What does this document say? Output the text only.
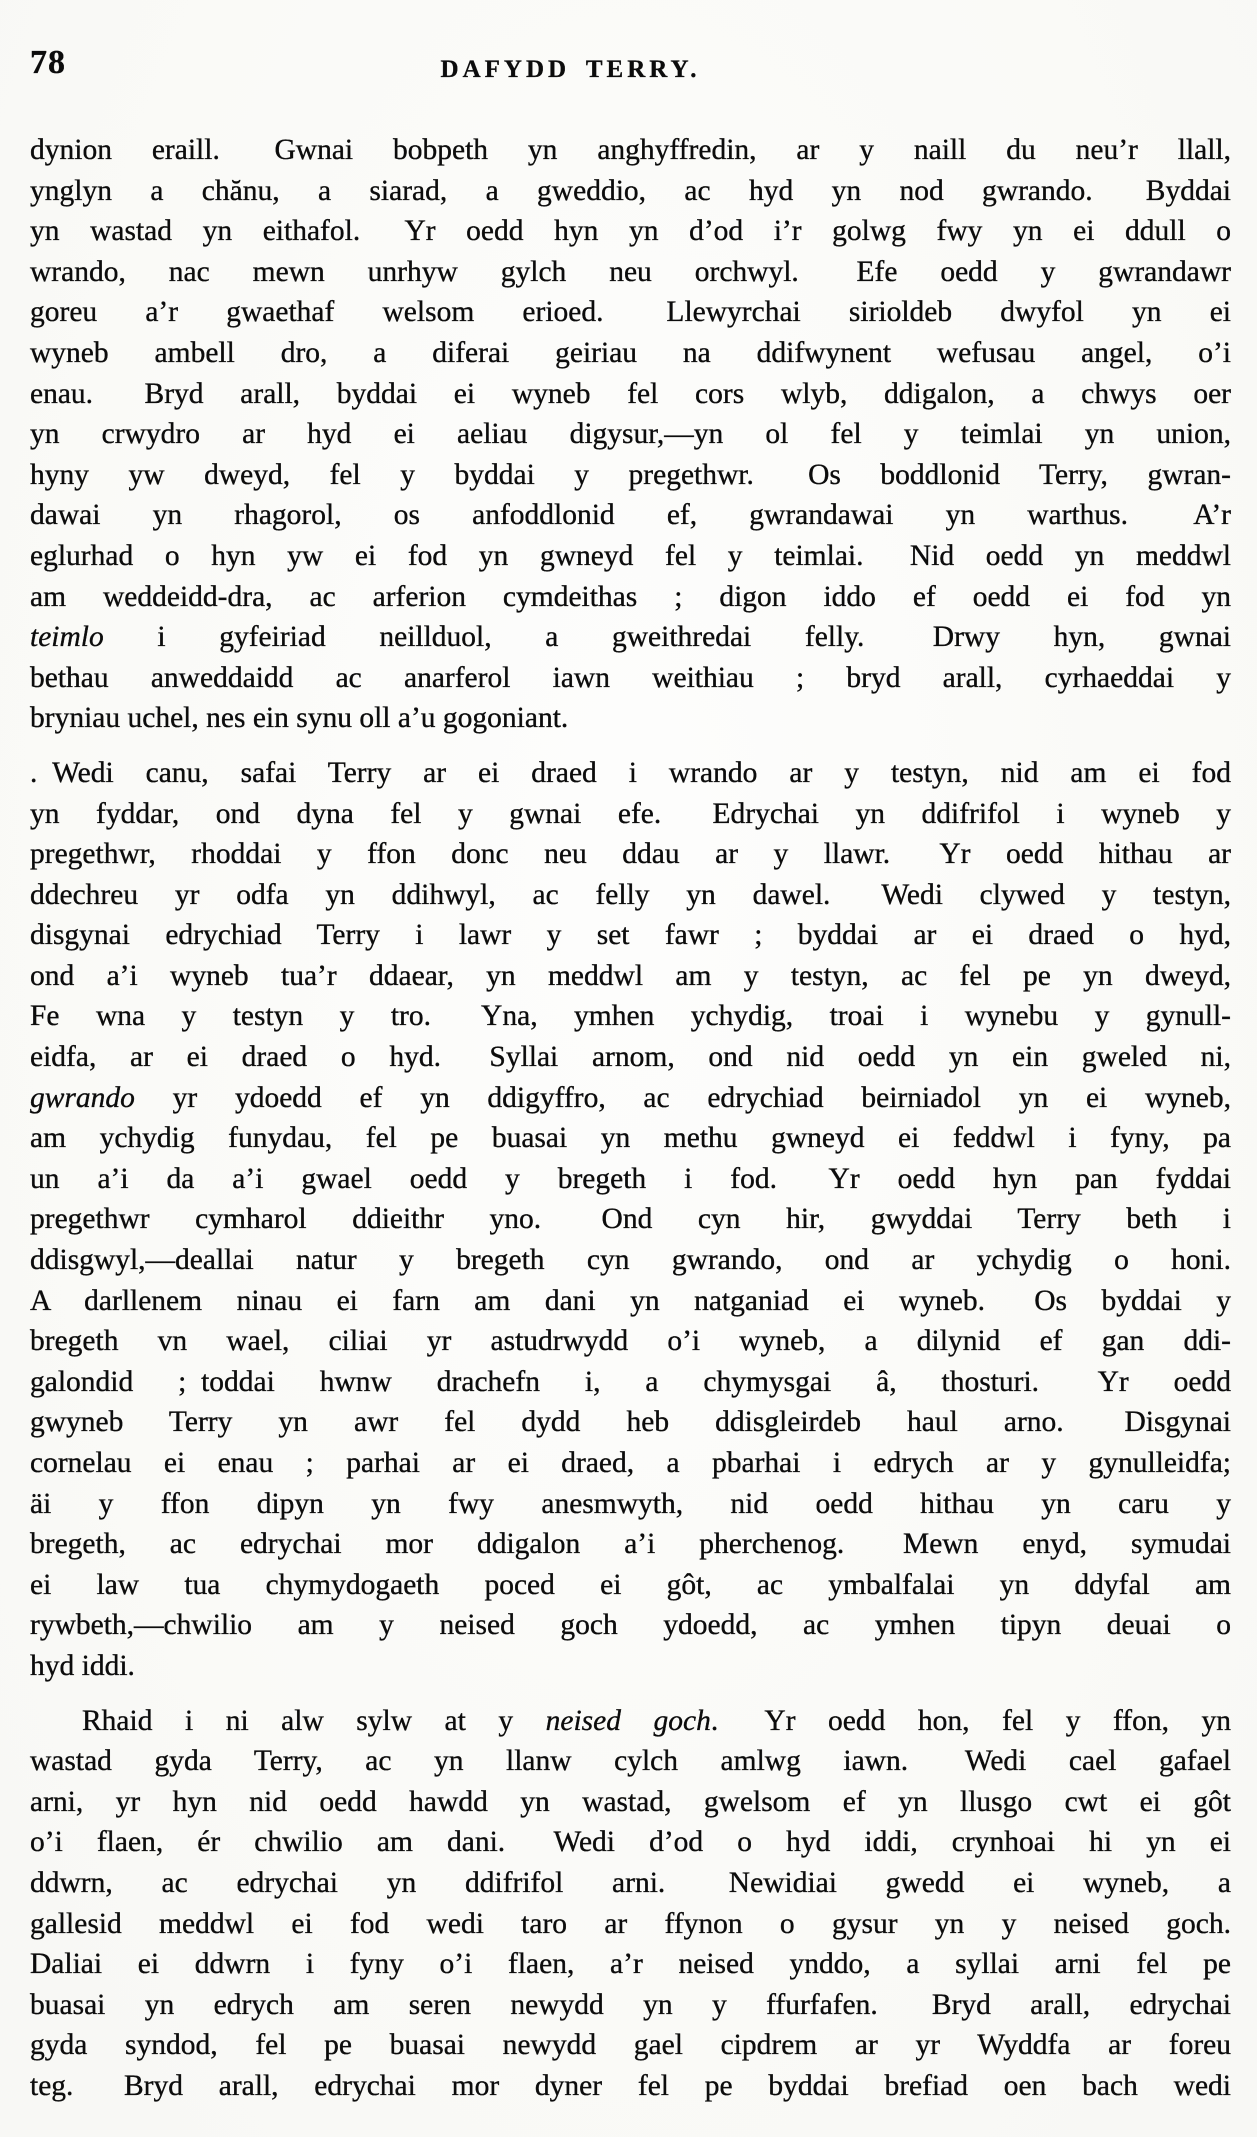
78	DAFYDD TERRY.
dynion eraill.  Gwnai bobpeth yn anghyffredin, ar y naill du neu’r llall,
ynglyn a chănu, a siarad, a gweddio, ac hyd yn nod gwrando.  Byddai
yn wastad yn eithafol.  Yr oedd hyn yn d’od i’r golwg fwy yn ei ddull o
wrando, nac mewn unrhyw gylch neu orchwyl.  Efe oedd y gwrandawr
goreu a’r gwaethaf welsom erioed.  Llewyrchai sirioldeb dwyfol yn ei
wyneb ambell dro, a diferai geiriau na ddifwynent wefusau angel, o’i
enau.  Bryd arall, byddai ei wyneb fel cors wlyb, ddigalon, a chwys oer
yn crwydro ar hyd ei aeliau digysur,—yn ol fel y teimlai yn union,
hyny yw dweyd, fel y byddai y pregethwr.  Os boddlonid Terry, gwran-
dawai yn rhagorol, os anfoddlonid ef, gwrandawai yn warthus.  A’r
eglurhad o hyn yw ei fod yn gwneyd fel y teimlai.  Nid oedd yn meddwl
am weddeidd-dra, ac arferion cymdeithas ; digon iddo ef oedd ei fod yn
teimlo i gyfeiriad neillduol, a gweithredai felly.  Drwy hyn, gwnai
bethau anweddaidd ac anarferol iawn weithiau ; bryd arall, cyrhaeddai y
bryniau uchel, nes ein synu oll a’u gogoniant.
. Wedi canu, safai Terry ar ei draed i wrando ar y testyn, nid am ei fod
yn fyddar, ond dyna fel y gwnai efe.  Edrychai yn ddifrifol i wyneb y
pregethwr, rhoddai y ffon donc neu ddau ar y llawr.  Yr oedd hithau ar
ddechreu yr odfa yn ddihwyl, ac felly yn dawel.  Wedi clywed y testyn,
disgynai edrychiad Terry i lawr y set fawr ; byddai ar ei draed o hyd,
ond a’i wyneb tua’r ddaear, yn meddwl am y testyn, ac fel pe yn dweyd,
Fe wna y testyn y tro.  Yna, ymhen ychydig, troai i wynebu y gynull-
eidfa, ar ei draed o hyd.  Syllai arnom, ond nid oedd yn ein gweled ni,
gwrando yr ydoedd ef yn ddigyffro, ac edrychiad beirniadol yn ei wyneb,
am ychydig funydau, fel pe buasai yn methu gwneyd ei feddwl i fyny, pa
un a’i da a’i gwael oedd y bregeth i fod.  Yr oedd hyn pan fyddai
pregethwr cymharol ddieithr yno.  Ond cyn hir, gwyddai Terry beth i
ddisgwyl,—deallai natur y bregeth cyn gwrando, ond ar ychydig o honi.
A darllenem ninau ei farn am dani yn natganiad ei wyneb.  Os byddai y
bregeth vn wael, ciliai yr astudrwydd o’i wyneb, a dilynid ef gan ddi-
galondid ; toddai hwnw drachefn i, a chymysgai â, thosturi.  Yr oedd
gwyneb Terry yn awr fel dydd heb ddisgleirdeb haul arno.  Disgynai
cornelau ei enau ; parhai ar ei draed, a pbarhai i edrych ar y gynulleidfa;
äi y ffon dipyn yn fwy anesmwyth, nid oedd hithau yn caru y
bregeth, ac edrychai mor ddigalon a’i pherchenog.  Mewn enyd, symudai
ei law tua chymydogaeth poced ei gôt, ac ymbalfalai yn ddyfal am
rywbeth,—chwilio am y neised goch ydoedd, ac ymhen tipyn deuai o
hyd iddi.
Rhaid i ni alw sylw at y neised goch.  Yr oedd hon, fel y ffon, yn
wastad gyda Terry, ac yn llanw cylch amlwg iawn.  Wedi cael gafael
arni, yr hyn nid oedd hawdd yn wastad, gwelsom ef yn llusgo cwt ei gôt
o’i flaen, ér chwilio am dani.  Wedi d’od o hyd iddi, crynhoai hi yn ei
ddwrn, ac edrychai yn ddifrifol arni.  Newidiai gwedd ei wyneb, a
gallesid meddwl ei fod wedi taro ar ffynon o gysur yn y neised goch.
Daliai ei ddwrn i fyny o’i flaen, a’r neised ynddo, a syllai arni fel pe
buasai yn edrych am seren newydd yn y ffurfafen.  Bryd arall, edrychai
gyda syndod, fel pe buasai newydd gael cipdrem ar yr Wyddfa ar foreu
teg.  Bryd arall, edrychai mor dyner fel pe byddai brefiad oen bach wedi
